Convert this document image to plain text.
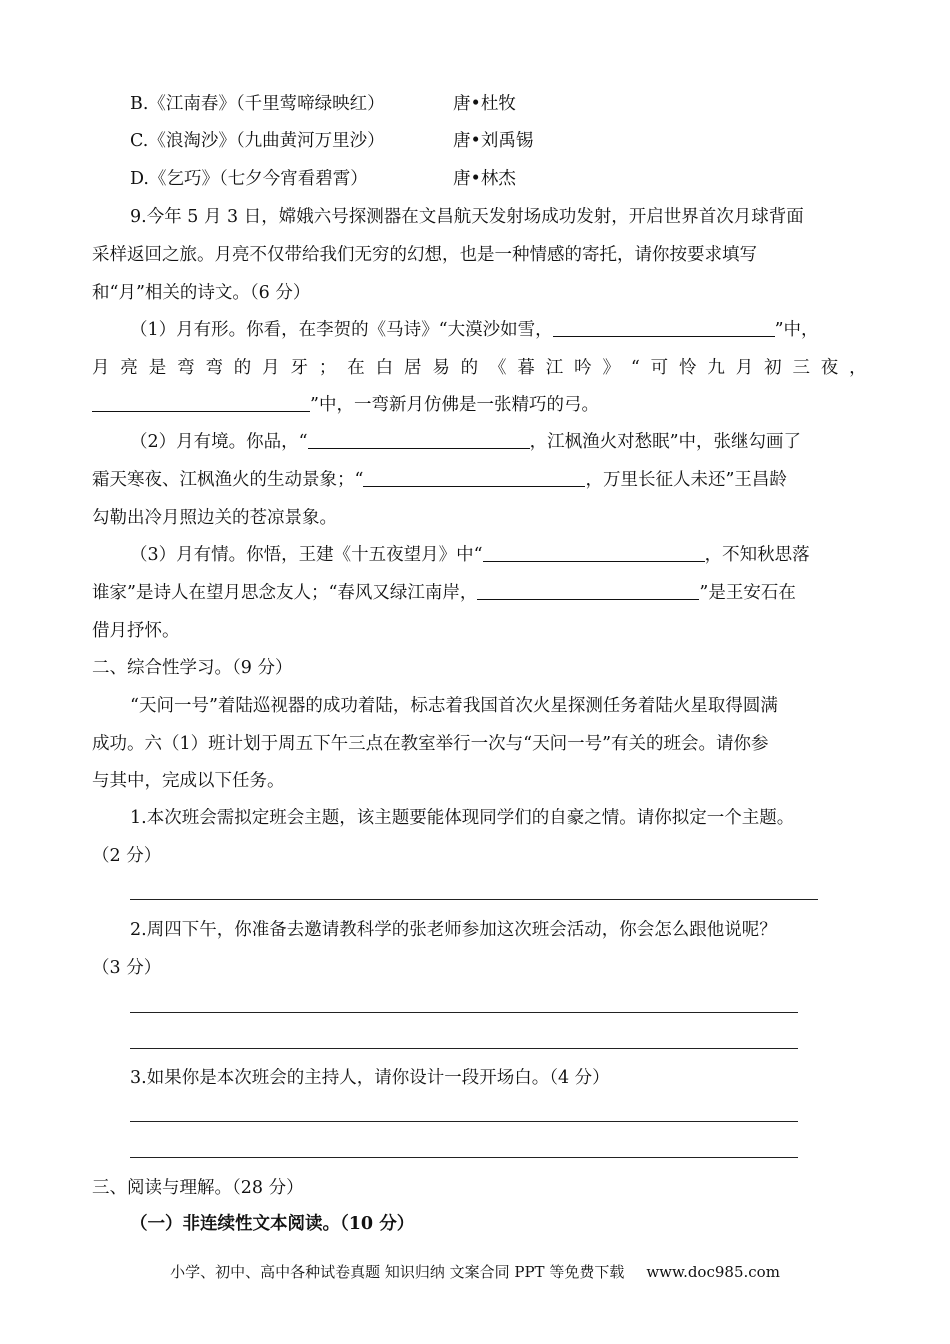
B.《江南春》（千里莺啼绿映红）	唐•杜牧
C.《浪淘沙》（九曲黄河万里沙）	唐•刘禹锡
D.《乞巧》（七夕今宵看碧霄）	唐•林杰
9.今年 5 月 3 日，嫦娥六号探测器在文昌航天发射场成功发射，开启世界首次月球背面
采样返回之旅。月亮不仅带给我们无穷的幻想，也是一种情感的寄托，请你按要求填写
和“月”相关的诗文。（6 分）
（1）月有形。你看，在李贺的《马诗》“大漠沙如雪，	”中，
月 亮 是 弯 弯 的 月 牙 ； 在 白 居 易 的 《 暮 江 吟 》 “ 可 怜 九 月 初 三 夜 ，
”中，一弯新月仿佛是一张精巧的弓。
（2）月有境。你品，“	，江枫渔火对愁眠”中，张继勾画了
霜天寒夜、江枫渔火的生动景象；“	，万里长征人未还”王昌龄
勾勒出冷月照边关的苍凉景象。
（3）月有情。你悟，王建《十五夜望月》中“	，不知秋思落
谁家”是诗人在望月思念友人；“春风又绿江南岸，	”是王安石在
借月抒怀。
二、综合性学习。（9 分）
“天问一号”着陆巡视器的成功着陆，标志着我国首次火星探测任务着陆火星取得圆满
成功。六（1）班计划于周五下午三点在教室举行一次与“天问一号”有关的班会。请你参
与其中，完成以下任务。
1.本次班会需拟定班会主题，该主题要能体现同学们的自豪之情。请你拟定一个主题。
（2 分）
2.周四下午，你准备去邀请教科学的张老师参加这次班会活动，你会怎么跟他说呢？
（3 分）
3.如果你是本次班会的主持人，请你设计一段开场白。（4 分）
三、阅读与理解。（28 分）
（一）非连续性文本阅读。（10 分）
小学、初中、高中各种试卷真题 知识归纳 文案合同 PPT 等免费下载 www.doc985.com
